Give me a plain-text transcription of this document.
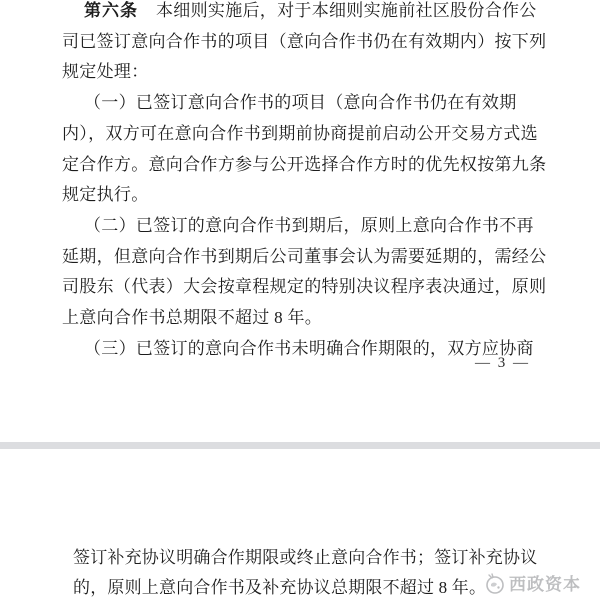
第六条 本细则实施后，对于本细则实施前社区股份合作公
司已签订意向合作书的项目（意向合作书仍在有效期内）按下列
规定处理：
（一）已签订意向合作书的项目（意向合作书仍在有效期
内），双方可在意向合作书到期前协商提前启动公开交易方式选
定合作方。意向合作方参与公开选择合作方时的优先权按第九条
规定执行。
（二）已签订的意向合作书到期后，原则上意向合作书不再
延期，但意向合作书到期后公司董事会认为需要延期的，需经公
司股东（代表）大会按章程规定的特别决议程序表决通过，原则
上意向合作书总期限不超过 8 年。
（三）已签订的意向合作书未明确合作期限的，双方应协商
— 3 —
签订补充协议明确合作期限或终止意向合作书；签订补充协议
的，原则上意向合作书及补充协议总期限不超过 8 年。	西政资本
